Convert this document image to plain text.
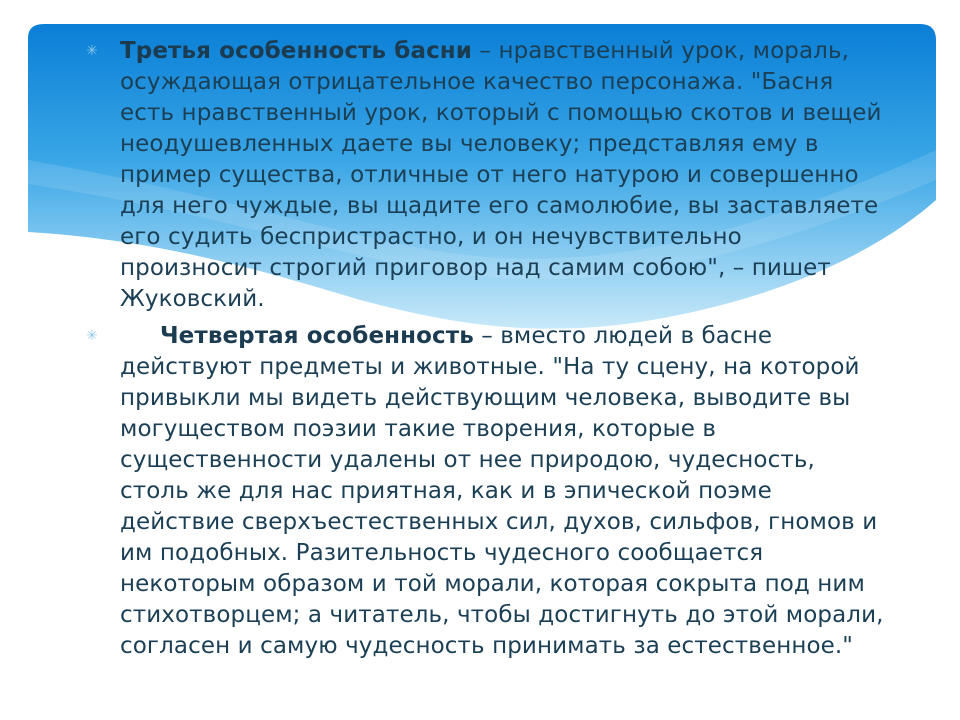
✳ Третья особенность басни – нравственный урок, мораль, осуждающая отрицательное качество персонажа. "Басня есть нравственный урок, который с помощью скотов и вещей неодушевленных даете вы человеку; представляя ему в пример существа, отличные от него натурою и совершенно для него чуждые, вы щадите его самолюбие, вы заставляете его судить беспристрастно, и он нечувствительно произносит строгий приговор над самим собою", – пишет Жуковский.

✳	Четвертая особенность – вместо людей в басне действуют предметы и животные. "На ту сцену, на которой привыкли мы видеть действующим человека, выводите вы могуществом поэзии такие творения, которые в существенности удалены от нее природою, чудесность, столь же для нас приятная, как и в эпической поэме действие сверхъестественных сил, духов, сильфов, гномов и им подобных. Разительность чудесного сообщается некоторым образом и той морали, которая сокрыта под ним стихотворцем; а читатель, чтобы достигнуть до этой морали, согласен и самую чудесность принимать за естественное."
